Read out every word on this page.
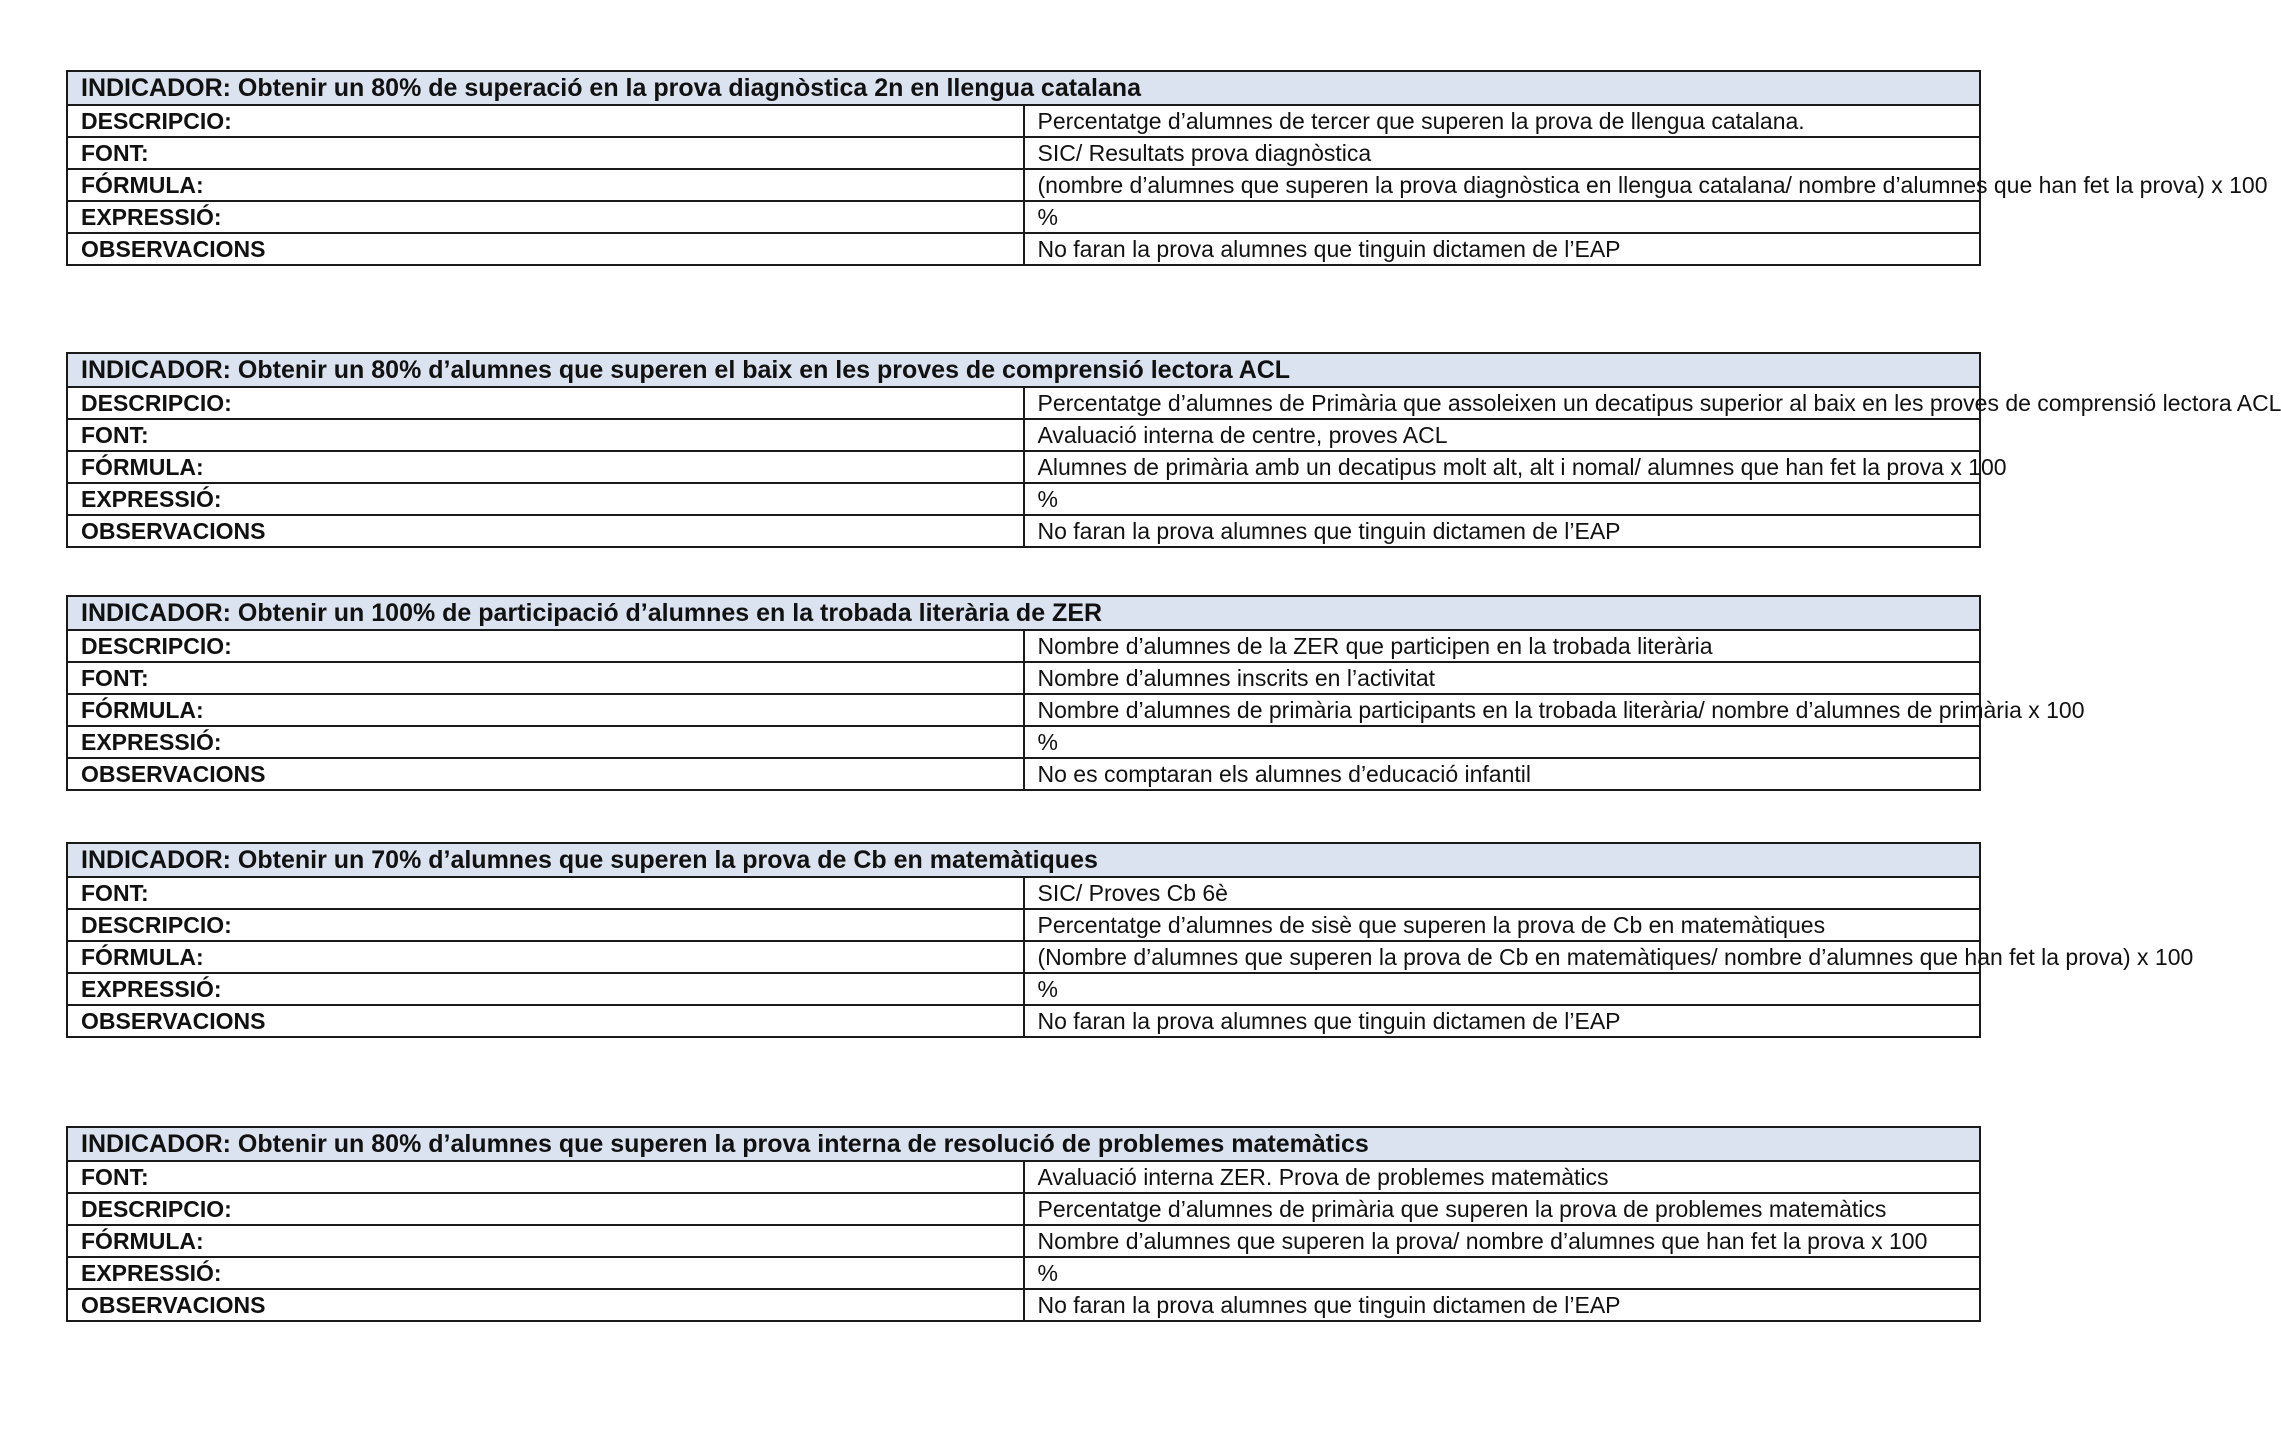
INDICADOR: Obtenir un 80% de superació en la prova diagnòstica 2n en llengua catalana	
DESCRIPCIO:	Percentatge d’alumnes de tercer que superen la prova de llengua catalana.
FONT:	SIC/ Resultats prova diagnòstica
FÓRMULA:	(nombre d’alumnes que superen la prova diagnòstica en llengua catalana/ nombre d’alumnes que han fet la prova) x 100
EXPRESSIÓ:	%
OBSERVACIONS	No faran la prova alumnes que tinguin dictamen de l’EAP
INDICADOR: Obtenir un 80% d’alumnes que superen el baix en les proves de comprensió lectora ACL	
DESCRIPCIO:	Percentatge d’alumnes de Primària que assoleixen un decatipus superior al baix en les proves de comprensió lectora ACL
FONT:	Avaluació interna de centre, proves ACL
FÓRMULA:	Alumnes de primària amb un decatipus molt alt, alt i nomal/ alumnes que han fet la prova x 100
EXPRESSIÓ:	%
OBSERVACIONS	No faran la prova alumnes que tinguin dictamen de l’EAP
INDICADOR: Obtenir un 100% de participació d’alumnes en la trobada literària de ZER	
DESCRIPCIO:	Nombre d’alumnes de la ZER que participen en la trobada literària
FONT:	Nombre d’alumnes inscrits en l’activitat
FÓRMULA:	Nombre d’alumnes de primària participants en la trobada literària/ nombre d’alumnes de primària x 100
EXPRESSIÓ:	%
OBSERVACIONS	No es comptaran els alumnes d’educació infantil
INDICADOR: Obtenir un 70% d’alumnes que superen la prova de Cb en matemàtiques	
FONT:	SIC/ Proves Cb 6è
DESCRIPCIO:	Percentatge d’alumnes de sisè que superen la prova de Cb en matemàtiques
FÓRMULA:	(Nombre d’alumnes que superen la prova de Cb en matemàtiques/ nombre d’alumnes que han fet la prova) x 100
EXPRESSIÓ:	%
OBSERVACIONS	No faran la prova alumnes que tinguin dictamen de l’EAP
INDICADOR: Obtenir un 80% d’alumnes que superen la prova interna de resolució de problemes matemàtics	
FONT:	Avaluació interna ZER. Prova de problemes matemàtics
DESCRIPCIO:	Percentatge d’alumnes de primària que superen la prova de problemes matemàtics
FÓRMULA:	Nombre d’alumnes que superen la prova/ nombre d’alumnes que han fet la prova x 100
EXPRESSIÓ:	%
OBSERVACIONS	No faran la prova alumnes que tinguin dictamen de l’EAP
